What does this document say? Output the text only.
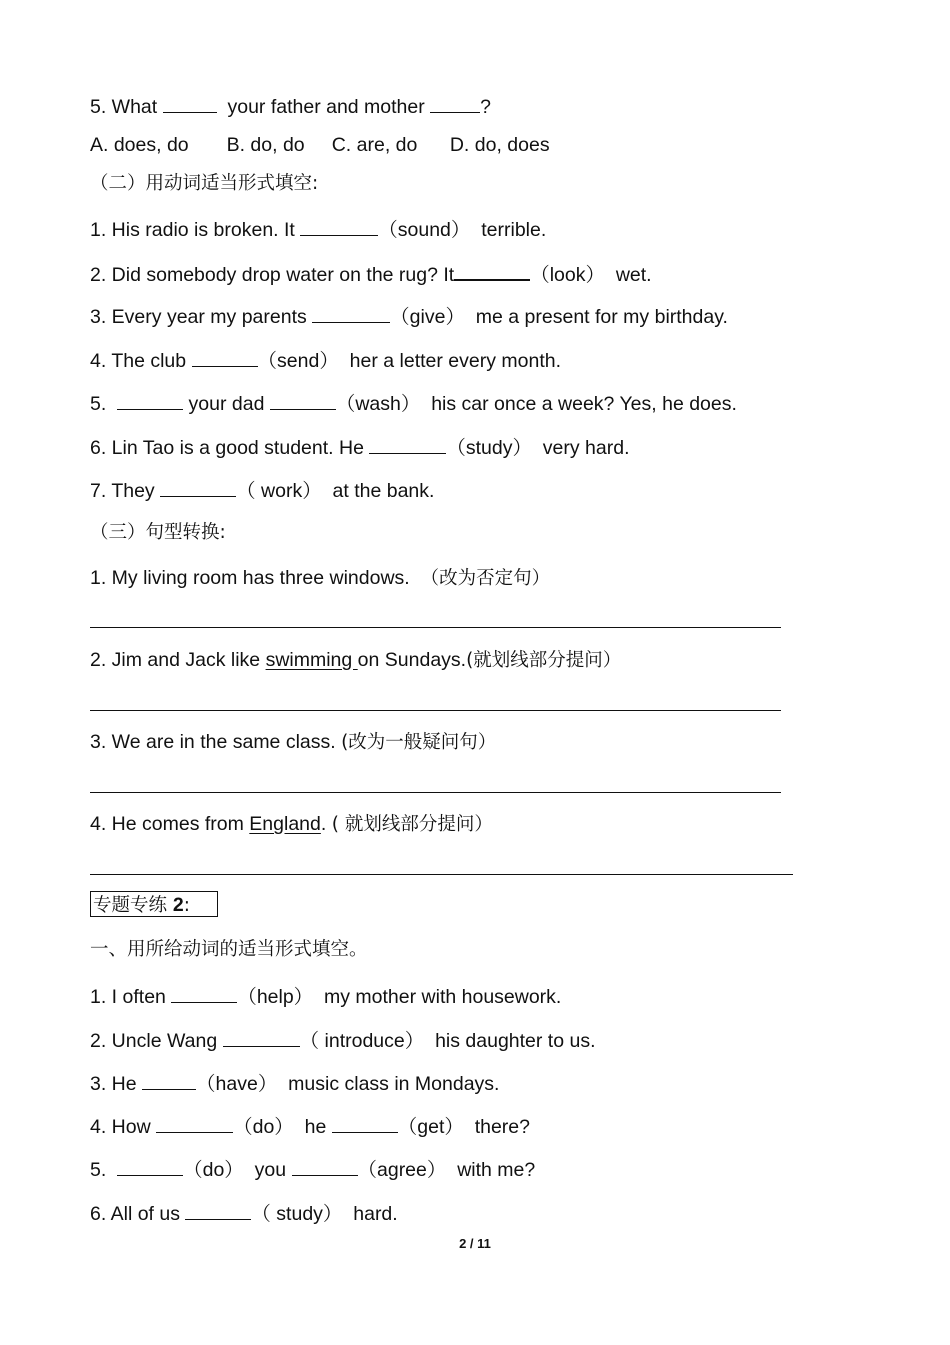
5. What	your father and mother	?
A. does, do       B. do, do     C. are, do      D. do, does
（二）用动词适当形式填空:
1. His radio is broken. It	（sound）  terrible.
2. Did somebody drop water on the rug? It	（look）  wet.
3. Every year my parents	（give）  me a present for my birthday.
4. The club	（send）  her a letter every month.
5.	your dad	（wash）  his car once a week? Yes, he does.
6. Lin Tao is a good student. He	（study）  very hard.
7. They	（ work）  at the bank.
（三）句型转换:
1. My living room has three windows.  （改为否定句）
2. Jim and Jack like swimming on Sundays.(就划线部分提问）
3. We are in the same class. (改为一般疑问句）
4. He comes from England. ( 就划线部分提问）
专题专练 2:
一、用所给动词的适当形式填空。
1. I often	（help）  my mother with housework.
2. Uncle Wang	（ introduce）  his daughter to us.
3. He	（have）  music class in Mondays.
4. How	（do）  he	（get）  there?
5.	（do）  you	（agree）  with me?
6. All of us	（ study）  hard.
2 / 11
